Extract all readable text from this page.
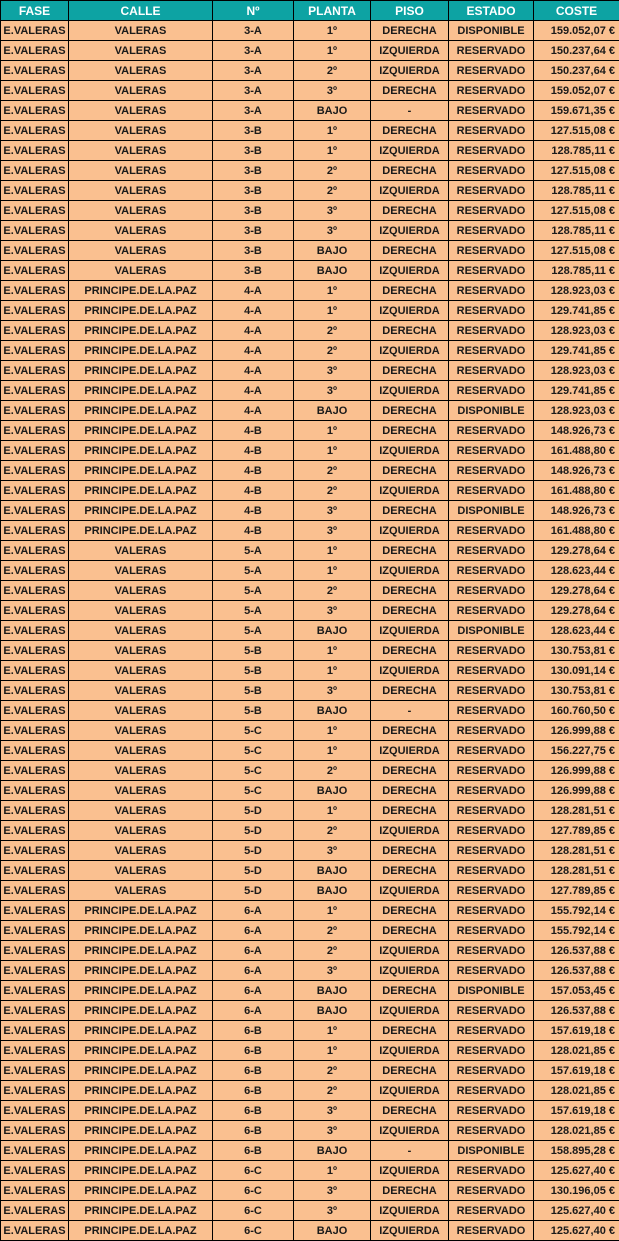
FASE	CALLE	Nº	PLANTA	PISO	ESTADO	COSTE
E.VALERAS	VALERAS	3-A	1º	DERECHA	DISPONIBLE	159.052,07 €
E.VALERAS	VALERAS	3-A	1º	IZQUIERDA	RESERVADO	150.237,64 €
E.VALERAS	VALERAS	3-A	2º	IZQUIERDA	RESERVADO	150.237,64 €
E.VALERAS	VALERAS	3-A	3º	DERECHA	RESERVADO	159.052,07 €
E.VALERAS	VALERAS	3-A	BAJO	-	RESERVADO	159.671,35 €
E.VALERAS	VALERAS	3-B	1º	DERECHA	RESERVADO	127.515,08 €
E.VALERAS	VALERAS	3-B	1º	IZQUIERDA	RESERVADO	128.785,11 €
E.VALERAS	VALERAS	3-B	2º	DERECHA	RESERVADO	127.515,08 €
E.VALERAS	VALERAS	3-B	2º	IZQUIERDA	RESERVADO	128.785,11 €
E.VALERAS	VALERAS	3-B	3º	DERECHA	RESERVADO	127.515,08 €
E.VALERAS	VALERAS	3-B	3º	IZQUIERDA	RESERVADO	128.785,11 €
E.VALERAS	VALERAS	3-B	BAJO	DERECHA	RESERVADO	127.515,08 €
E.VALERAS	VALERAS	3-B	BAJO	IZQUIERDA	RESERVADO	128.785,11 €
E.VALERAS	PRINCIPE.DE.LA.PAZ	4-A	1º	DERECHA	RESERVADO	128.923,03 €
E.VALERAS	PRINCIPE.DE.LA.PAZ	4-A	1º	IZQUIERDA	RESERVADO	129.741,85 €
E.VALERAS	PRINCIPE.DE.LA.PAZ	4-A	2º	DERECHA	RESERVADO	128.923,03 €
E.VALERAS	PRINCIPE.DE.LA.PAZ	4-A	2º	IZQUIERDA	RESERVADO	129.741,85 €
E.VALERAS	PRINCIPE.DE.LA.PAZ	4-A	3º	DERECHA	RESERVADO	128.923,03 €
E.VALERAS	PRINCIPE.DE.LA.PAZ	4-A	3º	IZQUIERDA	RESERVADO	129.741,85 €
E.VALERAS	PRINCIPE.DE.LA.PAZ	4-A	BAJO	DERECHA	DISPONIBLE	128.923,03 €
E.VALERAS	PRINCIPE.DE.LA.PAZ	4-B	1º	DERECHA	RESERVADO	148.926,73 €
E.VALERAS	PRINCIPE.DE.LA.PAZ	4-B	1º	IZQUIERDA	RESERVADO	161.488,80 €
E.VALERAS	PRINCIPE.DE.LA.PAZ	4-B	2º	DERECHA	RESERVADO	148.926,73 €
E.VALERAS	PRINCIPE.DE.LA.PAZ	4-B	2º	IZQUIERDA	RESERVADO	161.488,80 €
E.VALERAS	PRINCIPE.DE.LA.PAZ	4-B	3º	DERECHA	DISPONIBLE	148.926,73 €
E.VALERAS	PRINCIPE.DE.LA.PAZ	4-B	3º	IZQUIERDA	RESERVADO	161.488,80 €
E.VALERAS	VALERAS	5-A	1º	DERECHA	RESERVADO	129.278,64 €
E.VALERAS	VALERAS	5-A	1º	IZQUIERDA	RESERVADO	128.623,44 €
E.VALERAS	VALERAS	5-A	2º	DERECHA	RESERVADO	129.278,64 €
E.VALERAS	VALERAS	5-A	3º	DERECHA	RESERVADO	129.278,64 €
E.VALERAS	VALERAS	5-A	BAJO	IZQUIERDA	DISPONIBLE	128.623,44 €
E.VALERAS	VALERAS	5-B	1º	DERECHA	RESERVADO	130.753,81 €
E.VALERAS	VALERAS	5-B	1º	IZQUIERDA	RESERVADO	130.091,14 €
E.VALERAS	VALERAS	5-B	3º	DERECHA	RESERVADO	130.753,81 €
E.VALERAS	VALERAS	5-B	BAJO	-	RESERVADO	160.760,50 €
E.VALERAS	VALERAS	5-C	1º	DERECHA	RESERVADO	126.999,88 €
E.VALERAS	VALERAS	5-C	1º	IZQUIERDA	RESERVADO	156.227,75 €
E.VALERAS	VALERAS	5-C	2º	DERECHA	RESERVADO	126.999,88 €
E.VALERAS	VALERAS	5-C	BAJO	DERECHA	RESERVADO	126.999,88 €
E.VALERAS	VALERAS	5-D	1º	DERECHA	RESERVADO	128.281,51 €
E.VALERAS	VALERAS	5-D	2º	IZQUIERDA	RESERVADO	127.789,85 €
E.VALERAS	VALERAS	5-D	3º	DERECHA	RESERVADO	128.281,51 €
E.VALERAS	VALERAS	5-D	BAJO	DERECHA	RESERVADO	128.281,51 €
E.VALERAS	VALERAS	5-D	BAJO	IZQUIERDA	RESERVADO	127.789,85 €
E.VALERAS	PRINCIPE.DE.LA.PAZ	6-A	1º	DERECHA	RESERVADO	155.792,14 €
E.VALERAS	PRINCIPE.DE.LA.PAZ	6-A	2º	DERECHA	RESERVADO	155.792,14 €
E.VALERAS	PRINCIPE.DE.LA.PAZ	6-A	2º	IZQUIERDA	RESERVADO	126.537,88 €
E.VALERAS	PRINCIPE.DE.LA.PAZ	6-A	3º	IZQUIERDA	RESERVADO	126.537,88 €
E.VALERAS	PRINCIPE.DE.LA.PAZ	6-A	BAJO	DERECHA	DISPONIBLE	157.053,45 €
E.VALERAS	PRINCIPE.DE.LA.PAZ	6-A	BAJO	IZQUIERDA	RESERVADO	126.537,88 €
E.VALERAS	PRINCIPE.DE.LA.PAZ	6-B	1º	DERECHA	RESERVADO	157.619,18 €
E.VALERAS	PRINCIPE.DE.LA.PAZ	6-B	1º	IZQUIERDA	RESERVADO	128.021,85 €
E.VALERAS	PRINCIPE.DE.LA.PAZ	6-B	2º	DERECHA	RESERVADO	157.619,18 €
E.VALERAS	PRINCIPE.DE.LA.PAZ	6-B	2º	IZQUIERDA	RESERVADO	128.021,85 €
E.VALERAS	PRINCIPE.DE.LA.PAZ	6-B	3º	DERECHA	RESERVADO	157.619,18 €
E.VALERAS	PRINCIPE.DE.LA.PAZ	6-B	3º	IZQUIERDA	RESERVADO	128.021,85 €
E.VALERAS	PRINCIPE.DE.LA.PAZ	6-B	BAJO	-	DISPONIBLE	158.895,28 €
E.VALERAS	PRINCIPE.DE.LA.PAZ	6-C	1º	IZQUIERDA	RESERVADO	125.627,40 €
E.VALERAS	PRINCIPE.DE.LA.PAZ	6-C	3º	DERECHA	RESERVADO	130.196,05 €
E.VALERAS	PRINCIPE.DE.LA.PAZ	6-C	3º	IZQUIERDA	RESERVADO	125.627,40 €
E.VALERAS	PRINCIPE.DE.LA.PAZ	6-C	BAJO	IZQUIERDA	RESERVADO	125.627,40 €
